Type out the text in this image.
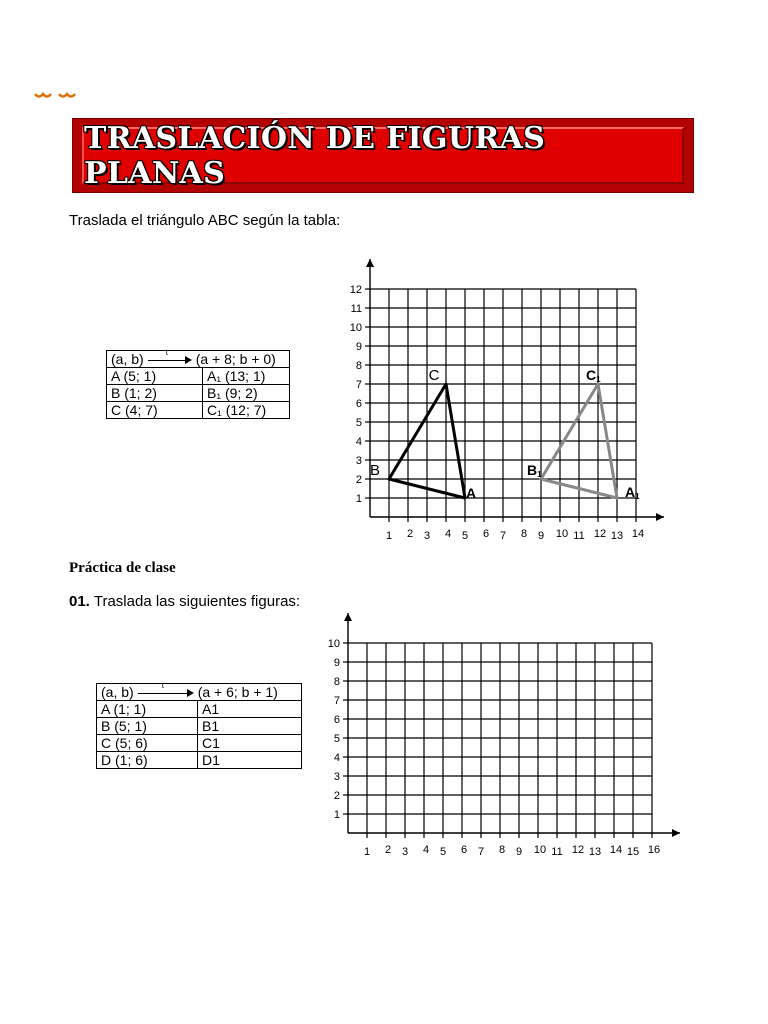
TRASLACIÓN DE FIGURAS PLANAS
Traslada el triángulo ABC según la tabla:
(a, b) t (a + 8; b + 0)	
A (5; 1)	A₁ (13; 1)
B (1; 2)	B₁ (9; 2)
C (4; 7)	C₁ (12; 7)
1 2 3 4 5 6 7 8 9 10 11 12 13 14
1
2
3
4
5
6
7
8
9
10
11
12
A
B
C
A1
B1
C1
Práctica de clase
01. Traslada las siguientes figuras:
(a, b) t (a + 6; b + 1)	
A (1; 1)	A1
B (5; 1)	B1
C (5; 6)	C1
D (1; 6)	D1
1 2 3 4 5 6 7 8 9 10 11 12 13 14 15 16
1
2
3
4
5
6
7
8
9
10
